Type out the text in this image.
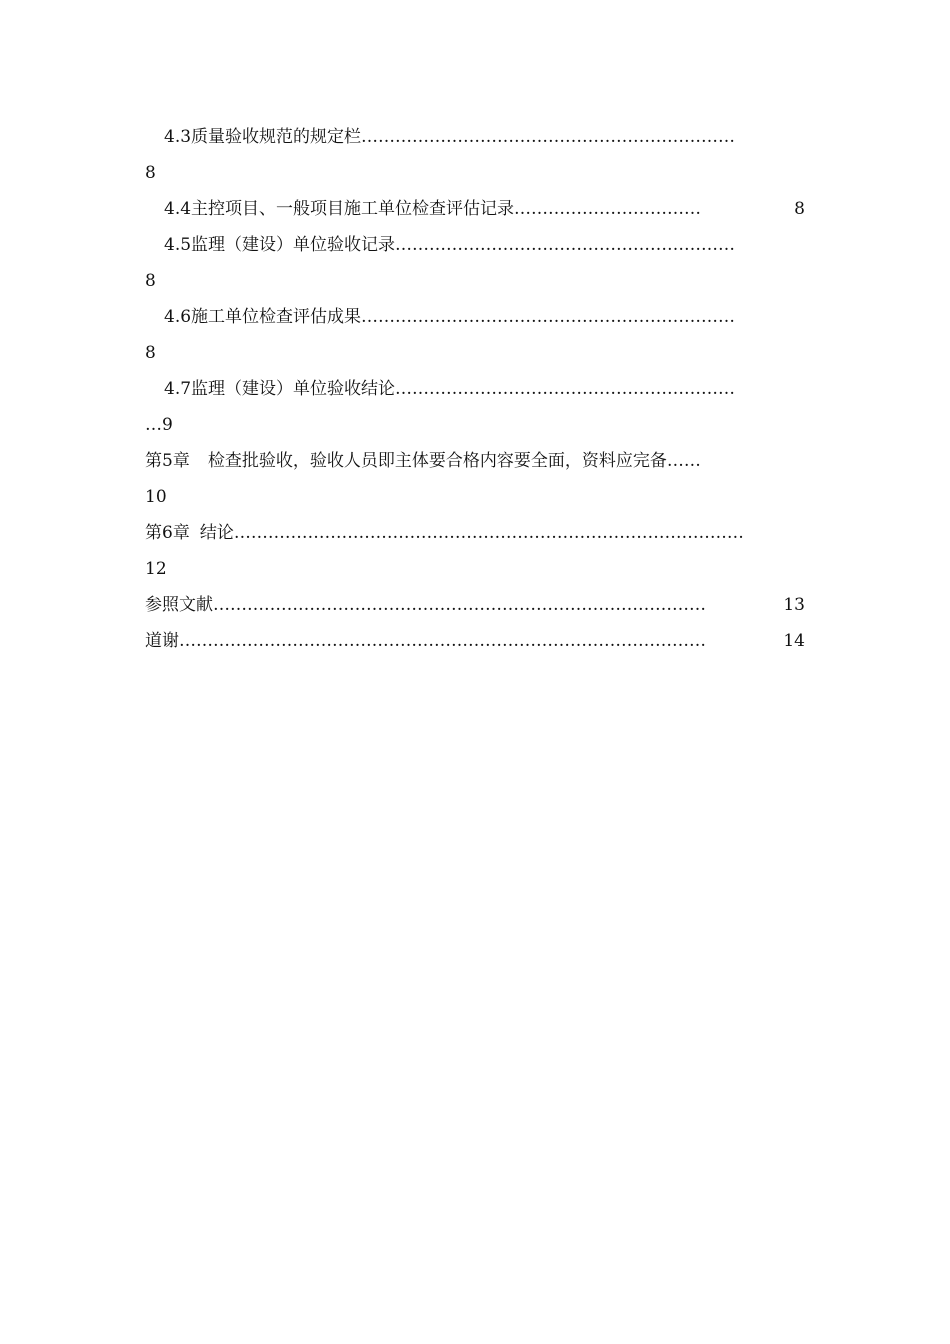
4.3质量验收规范的规定栏…………………………………………………………
8
4.4主控项目、一般项目施工单位检查评估记录 ……………………………	8
4.5监理（建设）单位验收记录……………………………………………………
8
4.6施工单位检查评估成果…………………………………………………………
8
4.7监理（建设）单位验收结论……………………………………………………
…9
第5章 检查批验收，验收人员即主体要合格内容要全面，资料应完备……
10
第6章 结论………………………………………………………………………………
12
参照文献 ……………………………………………………………………………	13
道谢 …………………………………………………………………………………	14
